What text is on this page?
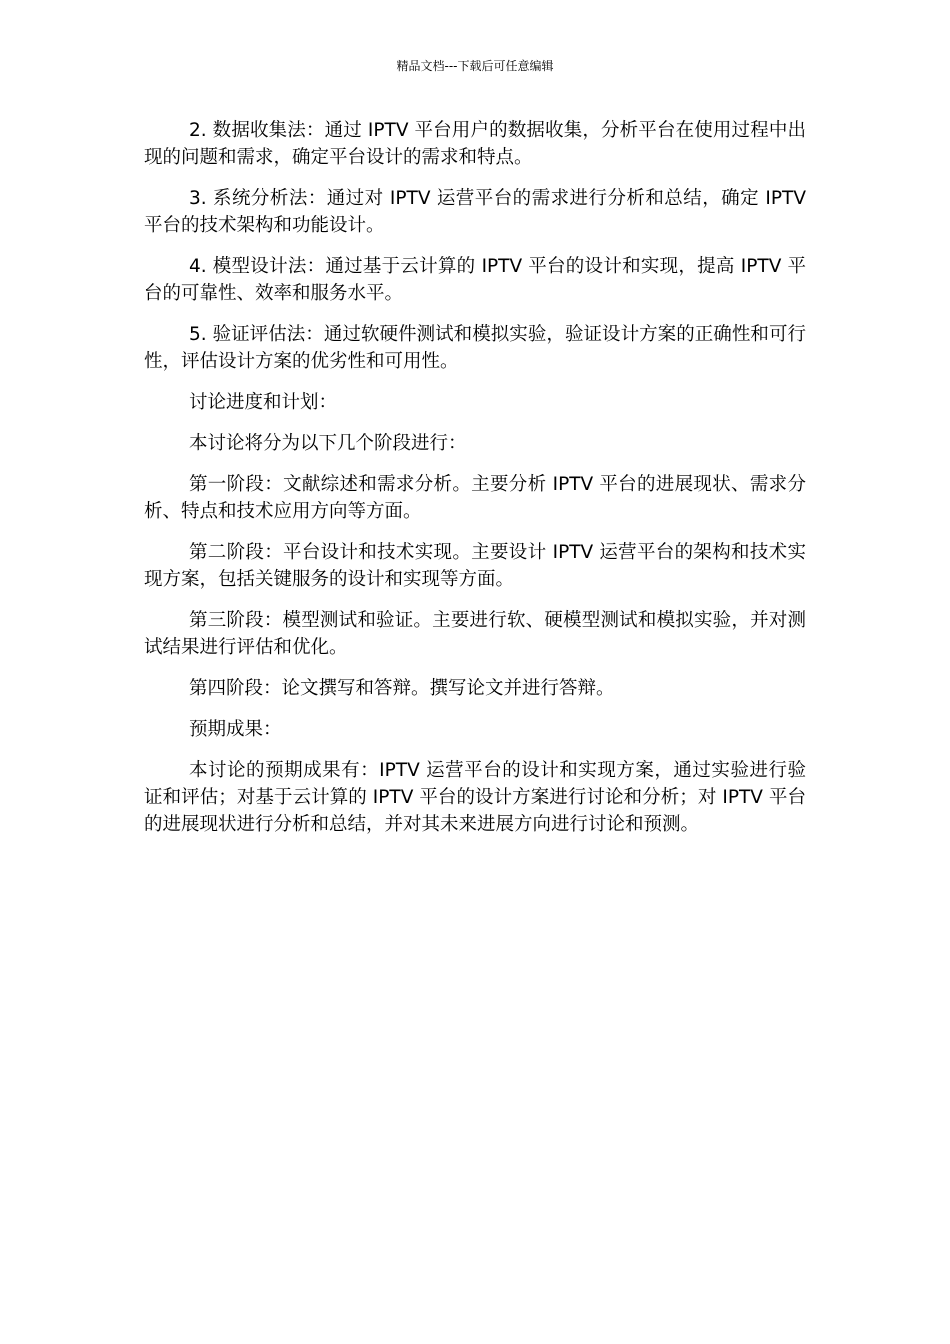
精品文档---下载后可任意编辑

2. 数据收集法：通过 IPTV 平台用户的数据收集，分析平台在使用过程中出现的问题和需求，确定平台设计的需求和特点。

3. 系统分析法：通过对 IPTV 运营平台的需求进行分析和总结，确定 IPTV 平台的技术架构和功能设计。

4. 模型设计法：通过基于云计算的 IPTV 平台的设计和实现，提高 IPTV 平台的可靠性、效率和服务水平。

5. 验证评估法：通过软硬件测试和模拟实验，验证设计方案的正确性和可行性，评估设计方案的优劣性和可用性。

讨论进度和计划：

本讨论将分为以下几个阶段进行：

第一阶段：文献综述和需求分析。主要分析 IPTV 平台的进展现状、需求分析、特点和技术应用方向等方面。

第二阶段：平台设计和技术实现。主要设计 IPTV 运营平台的架构和技术实现方案，包括关键服务的设计和实现等方面。

第三阶段：模型测试和验证。主要进行软、硬模型测试和模拟实验，并对测试结果进行评估和优化。

第四阶段：论文撰写和答辩。撰写论文并进行答辩。

预期成果：

本讨论的预期成果有：IPTV 运营平台的设计和实现方案，通过实验进行验证和评估；对基于云计算的 IPTV 平台的设计方案进行讨论和分析；对 IPTV 平台的进展现状进行分析和总结，并对其未来进展方向进行讨论和预测。
